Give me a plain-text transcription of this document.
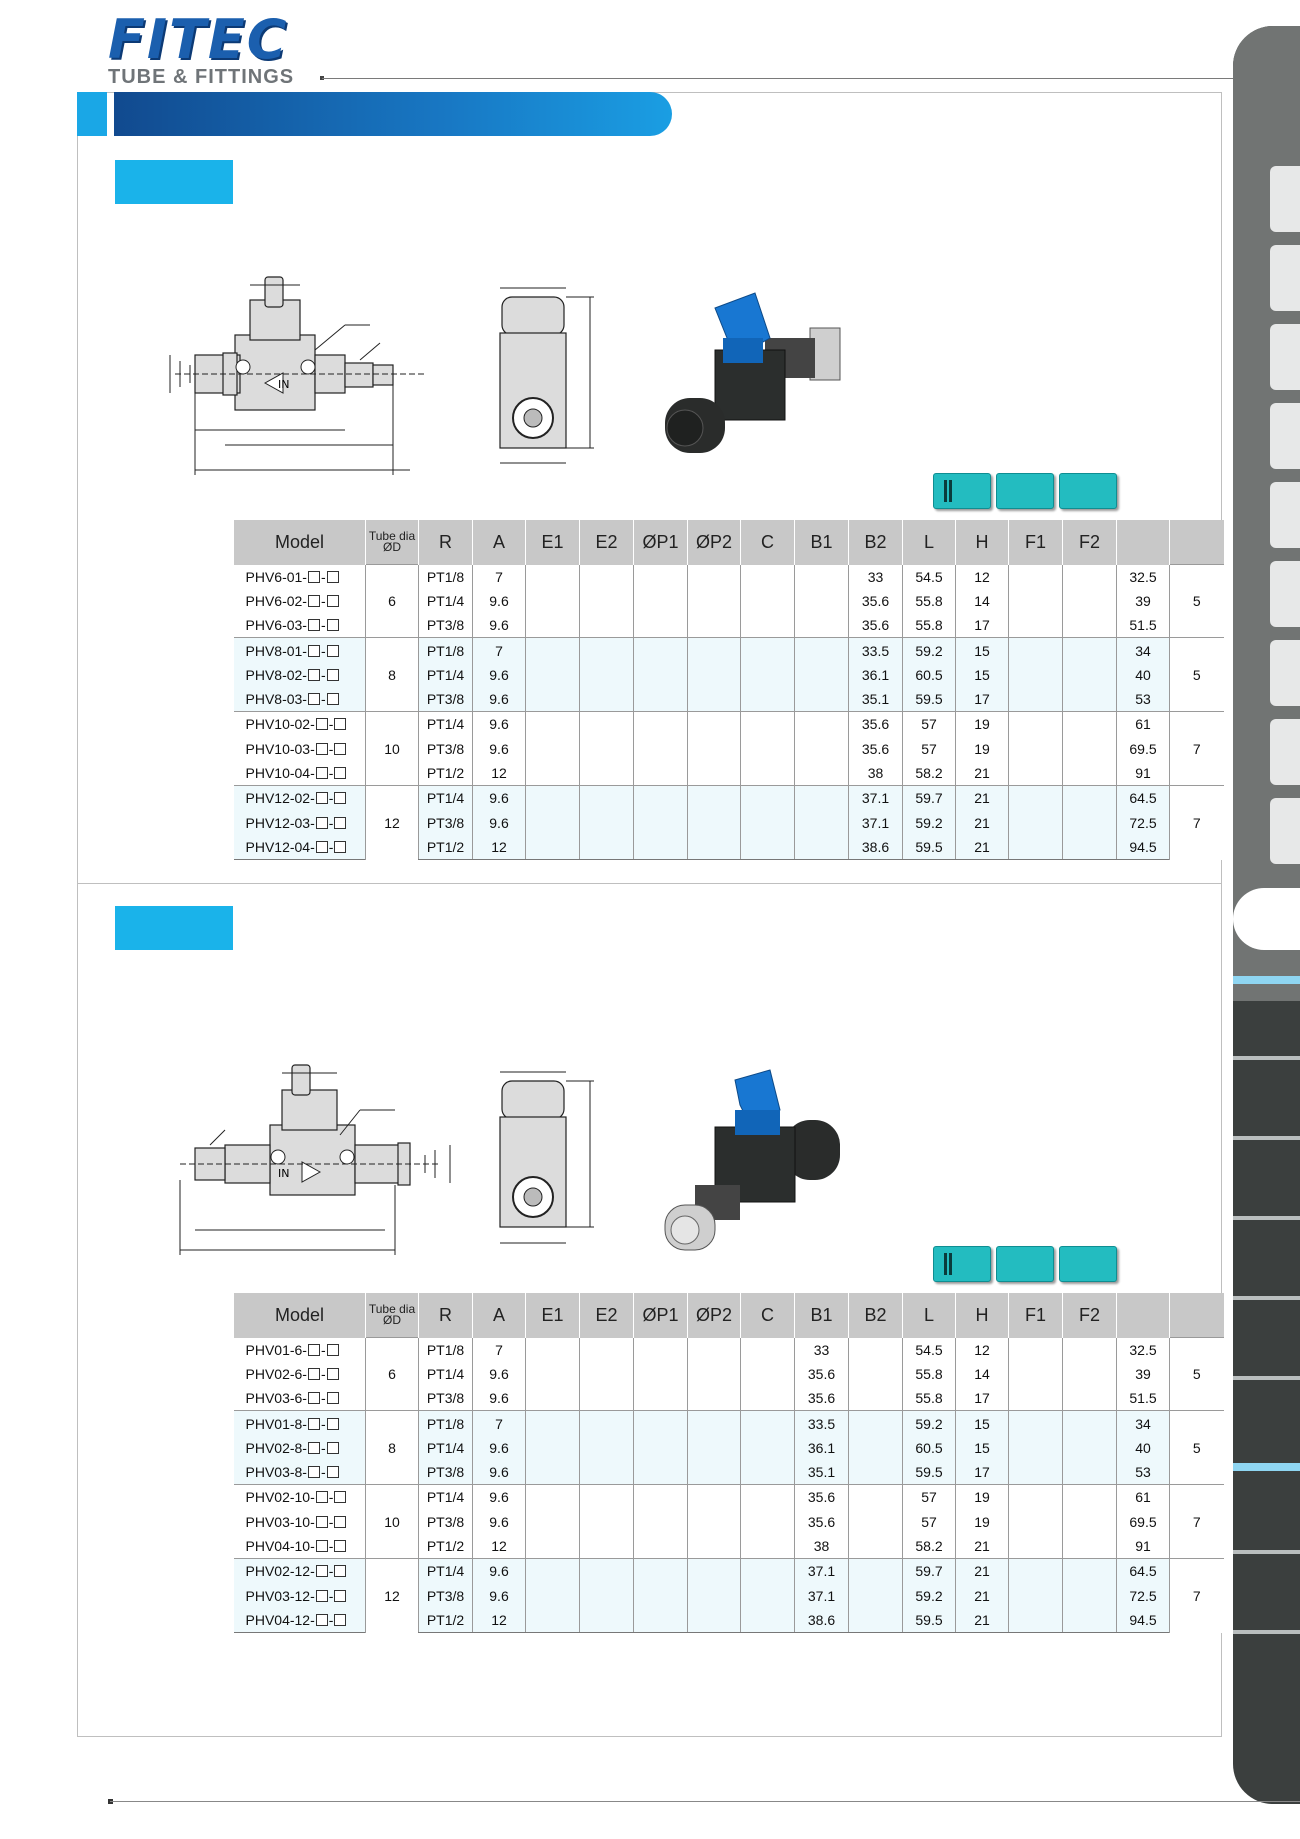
FITEC
TUBE & FITTINGS
IN
Model	Tube dia
ØD	R	A	E1	E2	ØP1	ØP2	C	B1	B2	L	H	F1	F2		
PHV6-01- -	6	PT1/8	7							33	54.5	12			32.5	5
PHV6-02- -		PT1/4	9.6							35.6	55.8	14			39	
PHV6-03- -		PT3/8	9.6							35.6	55.8	17			51.5	
PHV8-01- -	8	PT1/8	7							33.5	59.2	15			34	5
PHV8-02- -		PT1/4	9.6							36.1	60.5	15			40	
PHV8-03- -		PT3/8	9.6							35.1	59.5	17			53	
PHV10-02- -	10	PT1/4	9.6							35.6	57	19			61	7
PHV10-03- -		PT3/8	9.6							35.6	57	19			69.5	
PHV10-04- -		PT1/2	12							38	58.2	21			91	
PHV12-02- -	12	PT1/4	9.6							37.1	59.7	21			64.5	7
PHV12-03- -		PT3/8	9.6							37.1	59.2	21			72.5	
PHV12-04- -		PT1/2	12							38.6	59.5	21			94.5	
IN
Model	Tube dia
ØD	R	A	E1	E2	ØP1	ØP2	C	B1	B2	L	H	F1	F2		
PHV01-6- -	6	PT1/8	7						33		54.5	12			32.5	5
PHV02-6- -		PT1/4	9.6						35.6		55.8	14			39	
PHV03-6- -		PT3/8	9.6						35.6		55.8	17			51.5	
PHV01-8- -	8	PT1/8	7						33.5		59.2	15			34	5
PHV02-8- -		PT1/4	9.6						36.1		60.5	15			40	
PHV03-8- -		PT3/8	9.6						35.1		59.5	17			53	
PHV02-10- -	10	PT1/4	9.6						35.6		57	19			61	7
PHV03-10- -		PT3/8	9.6						35.6		57	19			69.5	
PHV04-10- -		PT1/2	12						38		58.2	21			91	
PHV02-12- -	12	PT1/4	9.6						37.1		59.7	21			64.5	7
PHV03-12- -		PT3/8	9.6						37.1		59.2	21			72.5	
PHV04-12- -		PT1/2	12						38.6		59.5	21			94.5	
